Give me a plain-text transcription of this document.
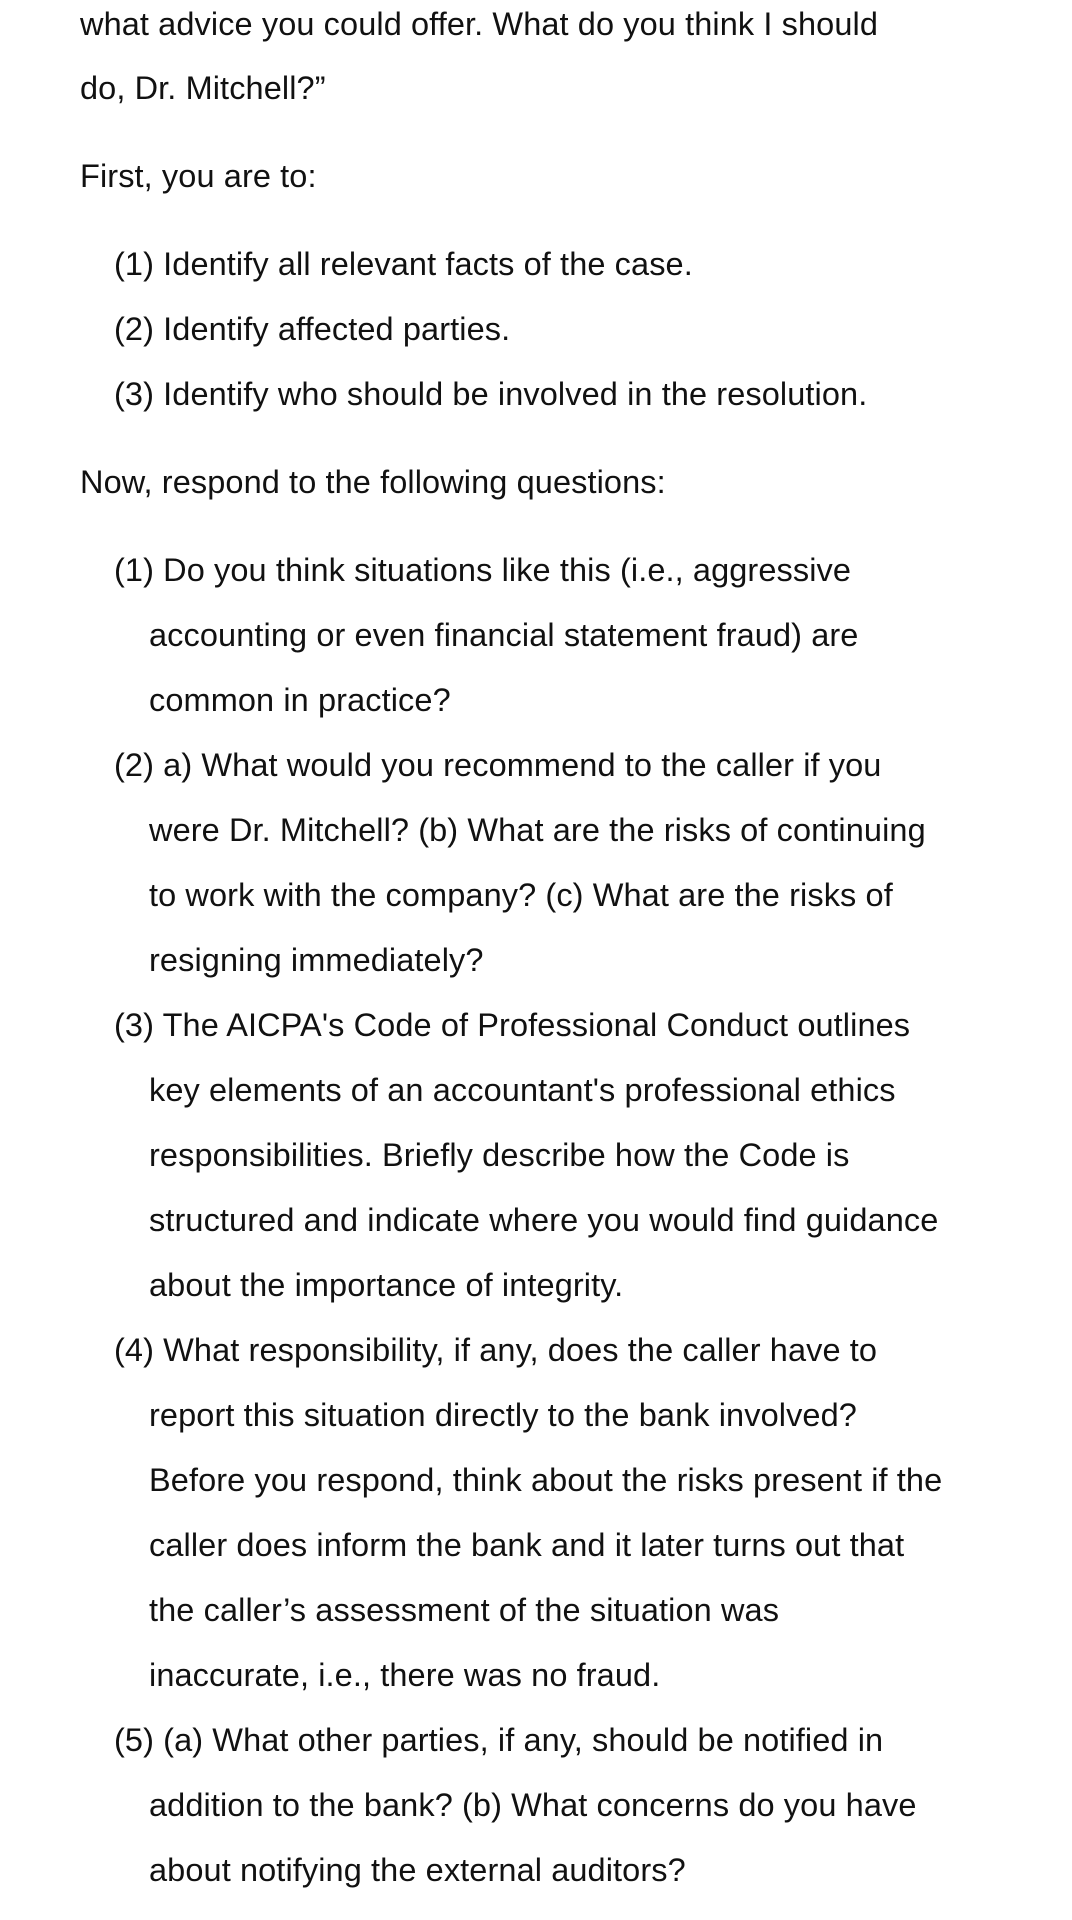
what advice you could offer. What do you think I should
do, Dr. Mitchell?”
First, you are to:
(1) Identify all relevant facts of the case.
(2) Identify affected parties.
(3) Identify who should be involved in the resolution.
Now, respond to the following questions:
(1) Do you think situations like this (i.e., aggressive
accounting or even financial statement fraud) are
common in practice?
(2) a) What would you recommend to the caller if you
were Dr. Mitchell? (b) What are the risks of continuing
to work with the company? (c) What are the risks of
resigning immediately?
(3) The AICPA's Code of Professional Conduct outlines
key elements of an accountant's professional ethics
responsibilities. Briefly describe how the Code is
structured and indicate where you would find guidance
about the importance of integrity.
(4) What responsibility, if any, does the caller have to
report this situation directly to the bank involved?
Before you respond, think about the risks present if the
caller does inform the bank and it later turns out that
the caller’s assessment of the situation was
inaccurate, i.e., there was no fraud.
(5) (a) What other parties, if any, should be notified in
addition to the bank? (b) What concerns do you have
about notifying the external auditors?
